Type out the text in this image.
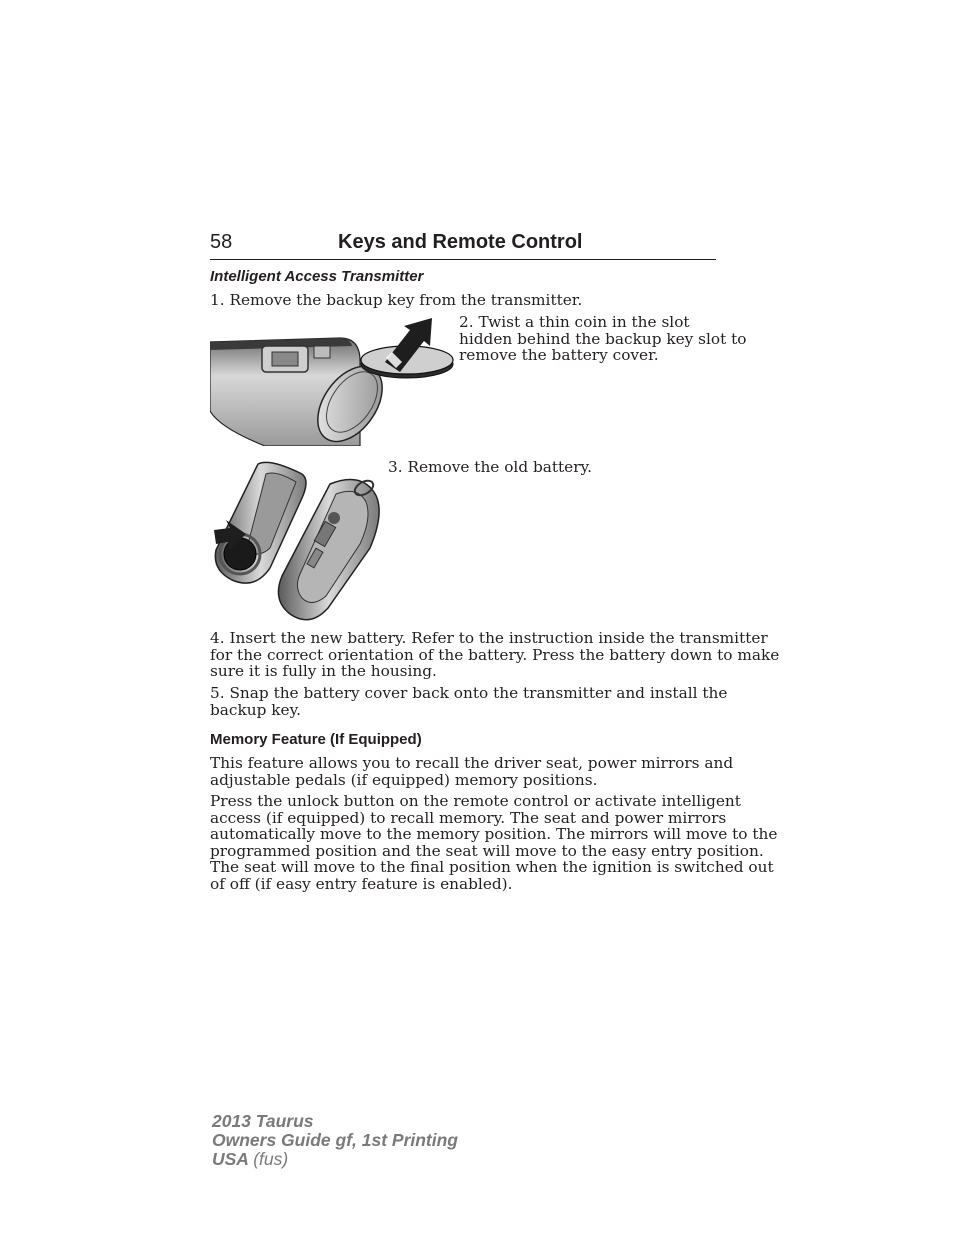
58	Keys and Remote Control
Intelligent Access Transmitter

1. Remove the backup key from the transmitter.

2. Twist a thin coin in the slot
hidden behind the backup key slot to
remove the battery cover.

3. Remove the old battery.

4. Insert the new battery. Refer to the instruction inside the transmitter
for the correct orientation of the battery. Press the battery down to make
sure it is fully in the housing.

5. Snap the battery cover back onto the transmitter and install the
backup key.

Memory Feature (If Equipped)

This feature allows you to recall the driver seat, power mirrors and
adjustable pedals (if equipped) memory positions.

Press the unlock button on the remote control or activate intelligent
access (if equipped) to recall memory. The seat and power mirrors
automatically move to the memory position. The mirrors will move to the
programmed position and the seat will move to the easy entry position.
The seat will move to the final position when the ignition is switched out
of off (if easy entry feature is enabled).

2013 Taurus
Owners Guide gf, 1st Printing
USA (fus)
